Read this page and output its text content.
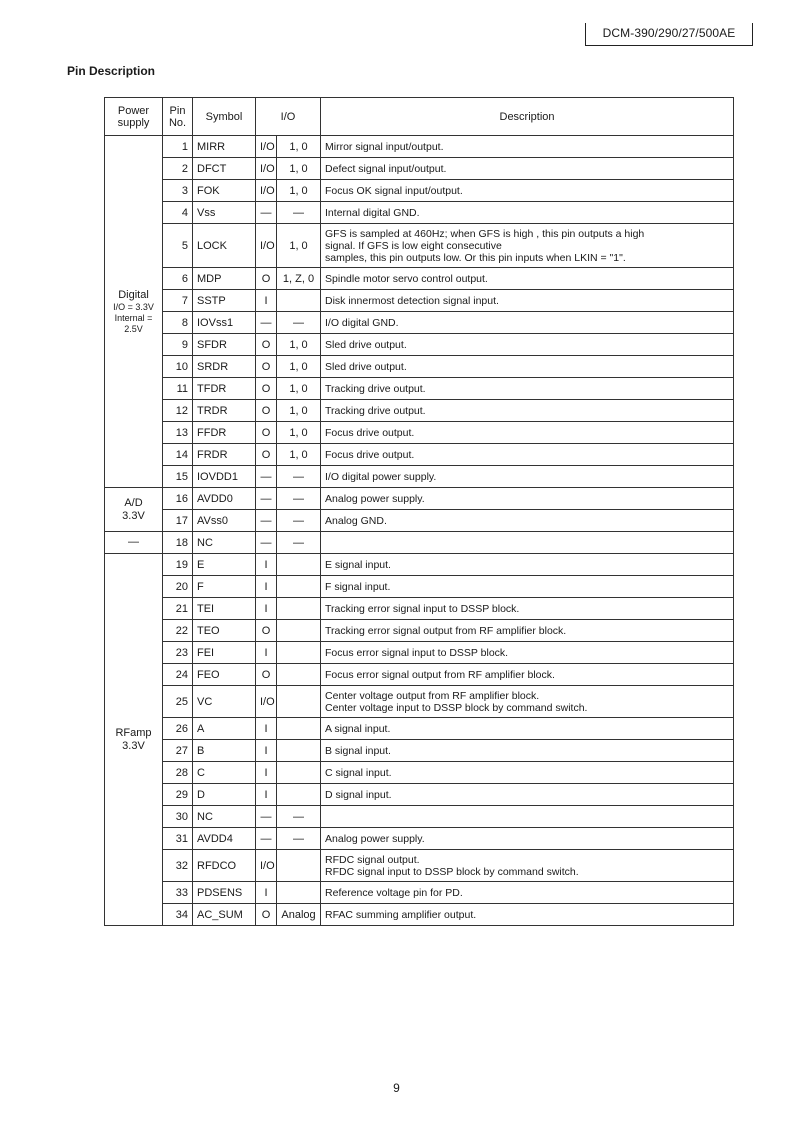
DCM-390/290/27/500AE
Pin Description
Power supply	Pin No.	Symbol	I/O		Description

Digital
I/O = 3.3V
Internal =
2.5V	1	MIRR	I/O	1, 0	Mirror signal input/output.

	2	DFCT	I/O	1, 0	Defect signal input/output.

	3	FOK	I/O	1, 0	Focus OK signal input/output.

	4	Vss	—	—	Internal digital GND.

	5	LOCK	I/O	1, 0	GFS is sampled at 460Hz; when GFS is high , this pin outputs a high
signal. If GFS is low eight consecutive
samples, this pin outputs low. Or this pin inputs when LKIN = "1".

	6	MDP	O	1, Z, 0	Spindle motor servo control output.

	7	SSTP	I		Disk innermost detection signal input.

	8	IOVss1	—	—	I/O digital GND.

	9	SFDR	O	1, 0	Sled drive output.

	10	SRDR	O	1, 0	Sled drive output.

	11	TFDR	O	1, 0	Tracking drive output.

	12	TRDR	O	1, 0	Tracking drive output.

	13	FFDR	O	1, 0	Focus drive output.

	14	FRDR	O	1, 0	Focus drive output.

	15	IOVDD1	—	—	I/O digital power supply.

A/D
3.3V	16	AVDD0	—	—	Analog power supply.

	17	AVss0	—	—	Analog GND.

—	18	NC	—	—	

RFamp
3.3V	19	E	I		E signal input.

	20	F	I		F signal input.

	21	TEI	I		Tracking error signal input to DSSP block.

	22	TEO	O		Tracking error signal output from RF amplifier block.

	23	FEI	I		Focus error signal input to DSSP block.

	24	FEO	O		Focus error signal output from RF amplifier block.

	25	VC	I/O		Center voltage output from RF amplifier block.
Center voltage input to DSSP block by command switch.

	26	A	I		A signal input.

	27	B	I		B signal input.

	28	C	I		C signal input.

	29	D	I		D signal input.

	30	NC	—	—	

	31	AVDD4	—	—	Analog power supply.

	32	RFDCO	I/O		RFDC signal output.
RFDC signal input to DSSP block by command switch.

	33	PDSENS	I		Reference voltage pin for PD.

	34	AC_SUM	O	Analog	RFAC summing amplifier output.
9
